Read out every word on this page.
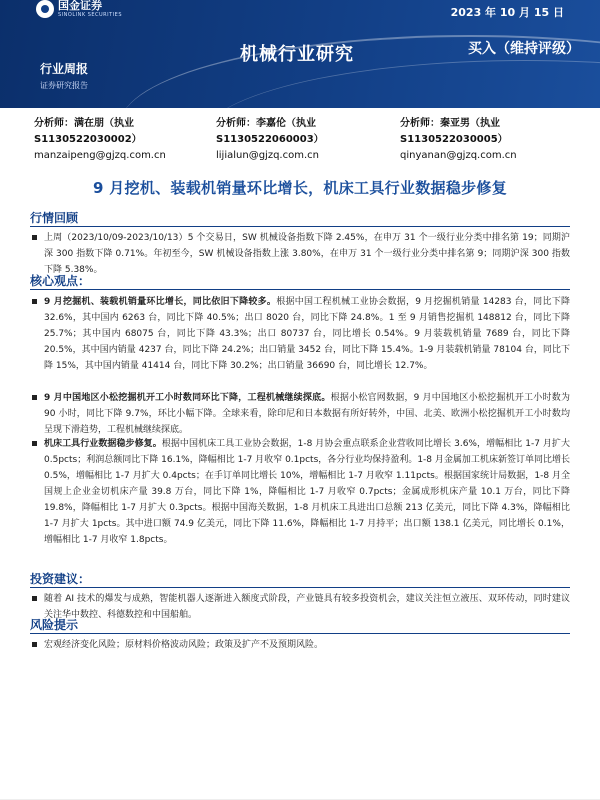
国金证券
SINOLINK SECURITIES	2023 年 10 月 15 日
机械行业研究	买入（维持评级）
行业周报
证券研究报告
分析师：满在朋（执业
S1130522030002）
manzaipeng@gjzq.com.cn
分析师：李嘉伦（执业
S1130522060003）
lijialun@gjzq.com.cn
分析师：秦亚男（执业
S1130522030005）
qinyanan@gjzq.com.cn
9 月挖机、装载机销量环比增长，机床工具行业数据稳步修复
行情回顾
上周（2023/10/09-2023/10/13）5 个交易日，SW 机械设备指数下降 2.45%，在申万 31 个一级行业分类中排名第 19；同期沪深 300 指数下降 0.71%。年初至今，SW 机械设备指数上涨 3.80%，在申万 31 个一级行业分类中排名第 9；同期沪深 300 指数下降 5.38%。
核心观点：
9 月挖掘机、装载机销量环比增长，同比依旧下降较多。根据中国工程机械工业协会数据，9 月挖掘机销量 14283 台，同比下降 32.6%，其中国内 6263 台，同比下降 40.5%；出口 8020 台，同比下降 24.8%。1 至 9 月销售挖掘机 148812 台，同比下降 25.7%；其中国内 68075 台，同比下降 43.3%；出口 80737 台，同比增长 0.54%。9 月装载机销量 7689 台，同比下降 20.5%，其中国内销量 4237 台，同比下降 24.2%；出口销量 3452 台，同比下降 15.4%。1-9 月装载机销量 78104 台，同比下降 15%，其中国内销量 41414 台，同比下降 30.2%；出口销量 36690 台，同比增长 12.7%。
9 月中国地区小松挖掘机开工小时数同环比下降，工程机械继续探底。根据小松官网数据，9 月中国地区小松挖掘机开工小时数为 90 小时，同比下降 9.7%，环比小幅下降。全球来看，除印尼和日本数据有所好转外，中国、北美、欧洲小松挖掘机开工小时数均呈现下滑趋势，工程机械继续探底。
机床工具行业数据稳步修复。根据中国机床工具工业协会数据，1-8 月协会重点联系企业营收同比增长 3.6%，增幅相比 1-7 月扩大 0.5pcts；利润总额同比下降 16.1%，降幅相比 1-7 月收窄 0.1pcts，各分行业均保持盈利。1-8 月金属加工机床新签订单同比增长 0.5%，增幅相比 1-7 月扩大 0.4pcts；在手订单同比增长 10%，增幅相比 1-7 月收窄 1.11pcts。根据国家统计局数据，1-8 月全国规上企业金切机床产量 39.8 万台，同比下降 1%，降幅相比 1-7 月收窄 0.7pcts；金属成形机床产量 10.1 万台，同比下降 19.8%，降幅相比 1-7 月扩大 0.3pcts。根据中国海关数据，1-8 月机床工具进出口总额 213 亿美元，同比下降 4.3%，降幅相比 1-7 月扩大 1pcts。其中进口额 74.9 亿美元，同比下降 11.6%，降幅相比 1-7 月持平；出口额 138.1 亿美元，同比增长 0.1%，增幅相比 1-7 月收窄 1.8pcts。
投资建议：
随着 AI 技术的爆发与成熟，智能机器人逐渐进入额度式阶段，产业链具有较多投资机会，建议关注恒立液压、双环传动，同时建议关注华中数控、科德数控和中国船舶。
风险提示
宏观经济变化风险；原材料价格波动风险；政策及扩产不及预期风险。
